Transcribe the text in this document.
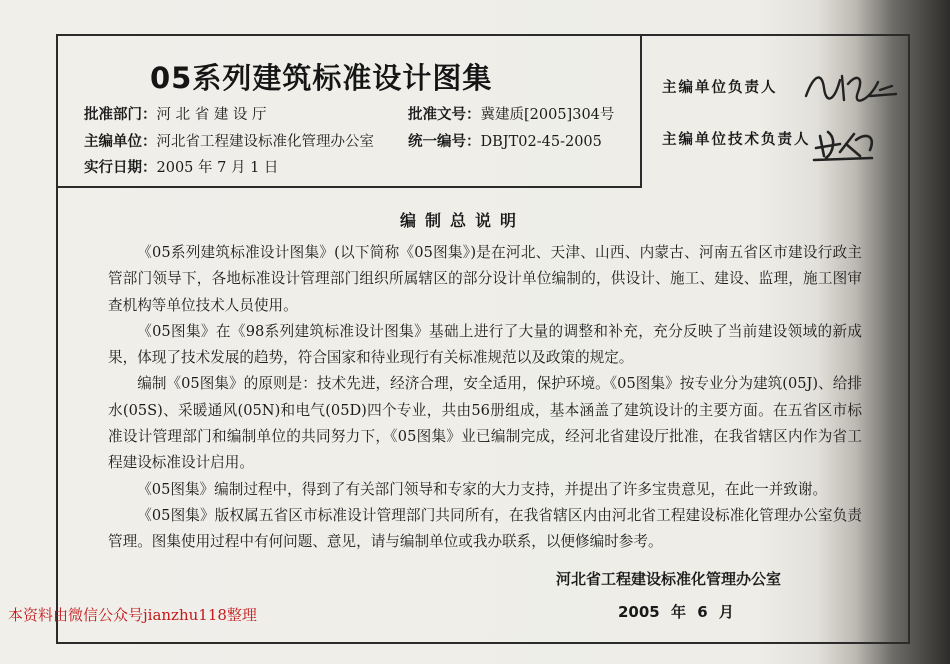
05系列建筑标准设计图集
批准部门：河 北 省 建 设 厅
主编单位：河北省工程建设标准化管理办公室
实行日期：2005 年 7 月 1 日
批准文号：冀建质[2005]304号
统一编号：DBJT02-45-2005
主编单位负责人
主编单位技术负责人
编制总说明

《05系列建筑标准设计图集》(以下简称《05图集》)是在河北、天津、山西、内蒙古、河南五省区市建设行政主管部门领导下，各地标准设计管理部门组织所属辖区的部分设计单位编制的，供设计、施工、建设、监理，施工图审查机构等单位技术人员使用。

《05图集》在《98系列建筑标准设计图集》基础上进行了大量的调整和补充，充分反映了当前建设领域的新成果，体现了技术发展的趋势，符合国家和待业现行有关标准规范以及政策的规定。

编制《05图集》的原则是：技术先进，经济合理，安全适用，保护环境。《05图集》按专业分为建筑(05J)、给排水(05S)、采暖通风(05N)和电气(05D)四个专业，共由56册组成，基本涵盖了建筑设计的主要方面。在五省区市标准设计管理部门和编制单位的共同努力下，《05图集》业已编制完成，经河北省建设厅批准，在我省辖区内作为省工程建设标准设计启用。

《05图集》编制过程中，得到了有关部门领导和专家的大力支持，并提出了许多宝贵意见，在此一并致谢。

《05图集》版权属五省区市标准设计管理部门共同所有，在我省辖区内由河北省工程建设标准化管理办公室负责管理。图集使用过程中有何问题、意见，请与编制单位或我办联系，以便修编时参考。

河北省工程建设标准化管理办公室
2005 年 6 月
本资料由微信公众号jianzhu118整理
